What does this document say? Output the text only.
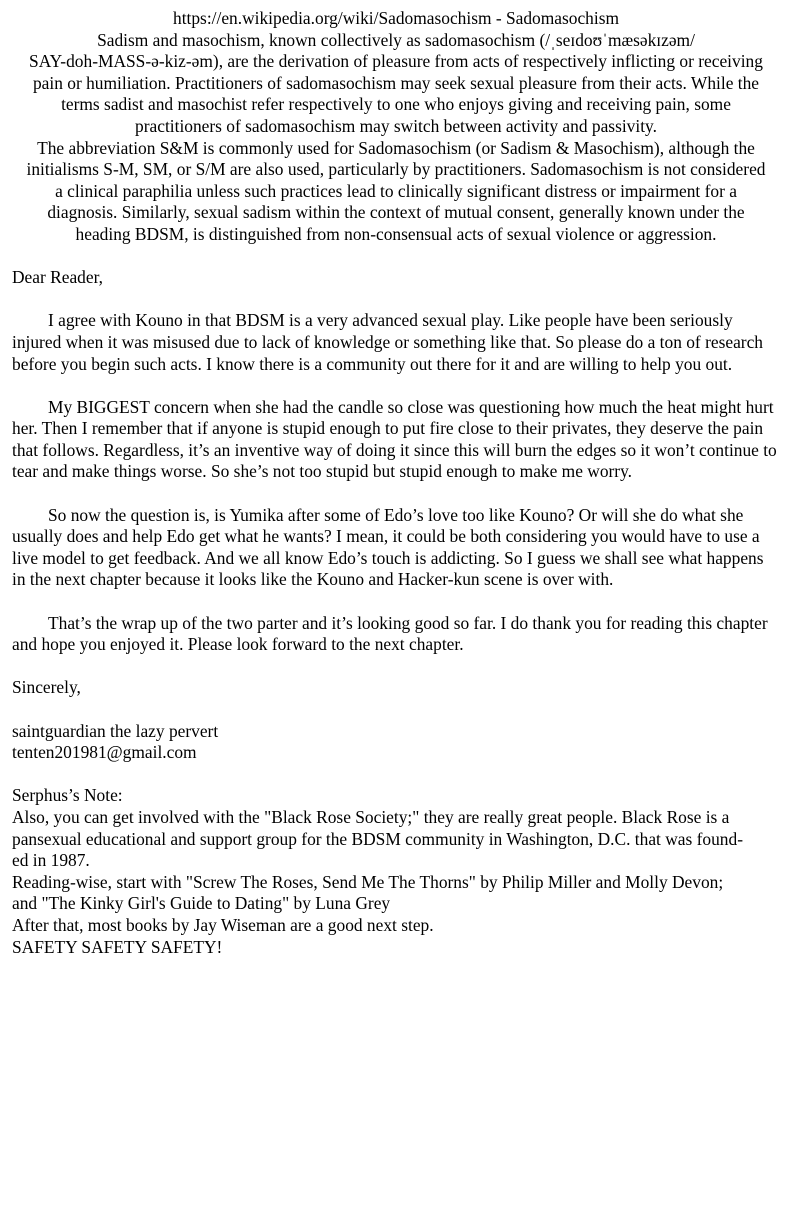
https://en.wikipedia.org/wiki/Sadomasochism - Sadomasochism
Sadism and masochism, known collectively as sadomasochism (/ˌseɪdoʊˈmæsəkɪzəm/
SAY-doh-MASS-ə-kiz-əm), are the derivation of pleasure from acts of respectively inflicting or receiving
pain or humiliation. Practitioners of sadomasochism may seek sexual pleasure from their acts. While the
terms sadist and masochist refer respectively to one who enjoys giving and receiving pain, some
practitioners of sadomasochism may switch between activity and passivity.
The abbreviation S&M is commonly used for Sadomasochism (or Sadism & Masochism), although the
initialisms S-M, SM, or S/M are also used, particularly by practitioners. Sadomasochism is not considered
a clinical paraphilia unless such practices lead to clinically significant distress or impairment for a
diagnosis. Similarly, sexual sadism within the context of mutual consent, generally known under the
heading BDSM, is distinguished from non-consensual acts of sexual violence or aggression.

Dear Reader,

I agree with Kouno in that BDSM is a very advanced sexual play. Like people have been seriously injured when it was misused due to lack of knowledge or something like that. So please do a ton of research before you begin such acts. I know there is a community out there for it and are willing to help you out.

My BIGGEST concern when she had the candle so close was questioning how much the heat might hurt her. Then I remember that if anyone is stupid enough to put fire close to their privates, they deserve the pain that follows. Regardless, it’s an inventive way of doing it since this will burn the edges so it won’t continue to tear and make things worse. So she’s not too stupid but stupid enough to make me worry.

So now the question is, is Yumika after some of Edo’s love too like Kouno? Or will she do what she usually does and help Edo get what he wants? I mean, it could be both considering you would have to use a live model to get feedback. And we all know Edo’s touch is addicting. So I guess we shall see what happens in the next chapter because it looks like the Kouno and Hacker-kun scene is over with.

That’s the wrap up of the two parter and it’s looking good so far. I do thank you for reading this chapter and hope you enjoyed it. Please look forward to the next chapter.

Sincerely,

saintguardian the lazy pervert
tenten201981@gmail.com
Serphus’s Note:
Also, you can get involved with the "Black Rose Society;" they are really great people. Black Rose is a
pansexual educational and support group for the BDSM community in Washington, D.C. that was found-
ed in 1987.
Reading-wise, start with "Screw The Roses, Send Me The Thorns" by Philip Miller and Molly Devon;
and "The Kinky Girl's Guide to Dating" by Luna Grey
After that, most books by Jay Wiseman are a good next step.
SAFETY SAFETY SAFETY!
